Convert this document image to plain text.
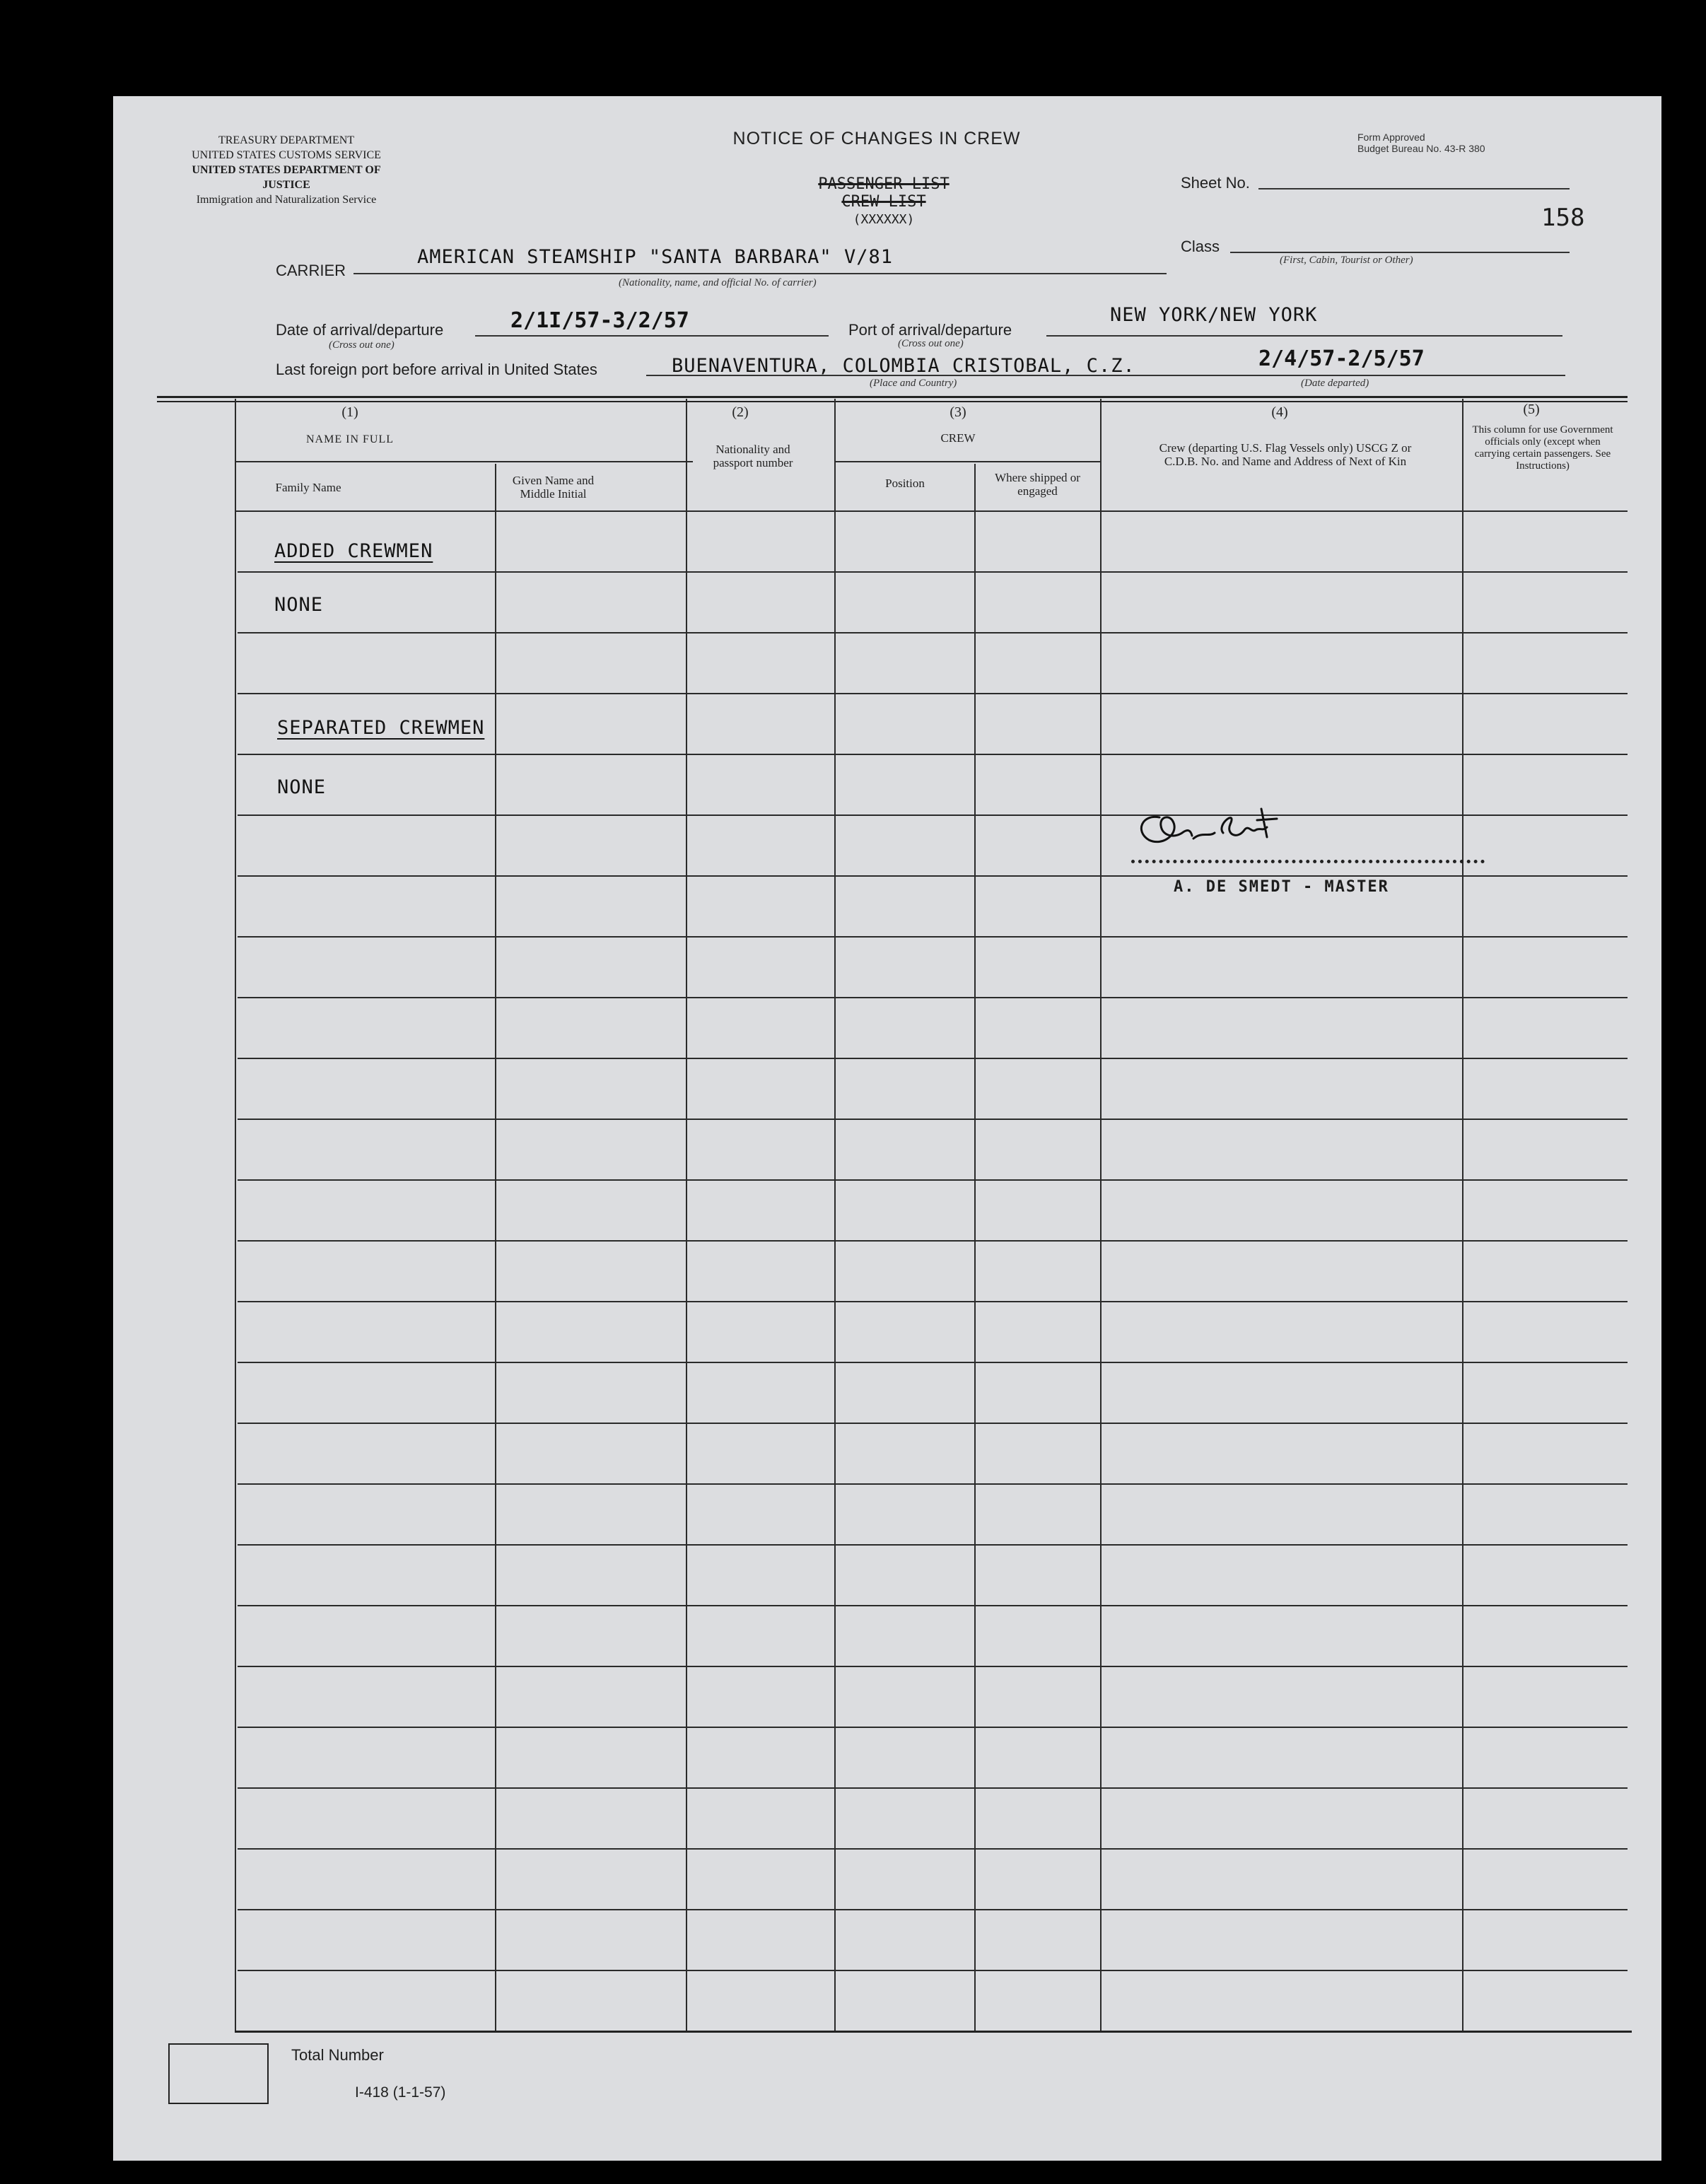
TREASURY DEPARTMENT
UNITED STATES CUSTOMS SERVICE
UNITED STATES DEPARTMENT OF JUSTICE
Immigration and Naturalization Service
NOTICE OF CHANGES IN CREW
PASSENGER LIST
CREW LIST
(XXXXXX)
Form Approved
Budget Bureau No. 43-R 380
Sheet No.
158
Class
(First, Cabin, Tourist or Other)
CARRIER
AMERICAN STEAMSHIP "SANTA BARBARA" V/81
(Nationality, name, and official No. of carrier)
Date of arrival/departure	2/1I/57-3/2/57
(Cross out one)
Port of arrival/departure
NEW YORK/NEW YORK
(Cross out one)
Last foreign port before arrival in United States	BUENAVENTURA, COLOMBIA CRISTOBAL, C.Z.
(Place and Country)
2/4/57-2/5/57
(Date departed)
(1)
NAME IN FULL
Family Name
Given Name and Middle Initial
(2)
Nationality and passport number
(3)
CREW
Position	Where shipped or engaged
(4)
Crew (departing U.S. Flag Vessels only) USCG Z or C.D.B. No. and Name and Address of Next of Kin
(5)
This column for use Government officials only (except when carrying certain passengers. See Instructions)
ADDED CREWMEN
NONE
SEPARATED CREWMEN
NONE
A. DE SMEDT - MASTER
Total Number
I-418 (1-1-57)
